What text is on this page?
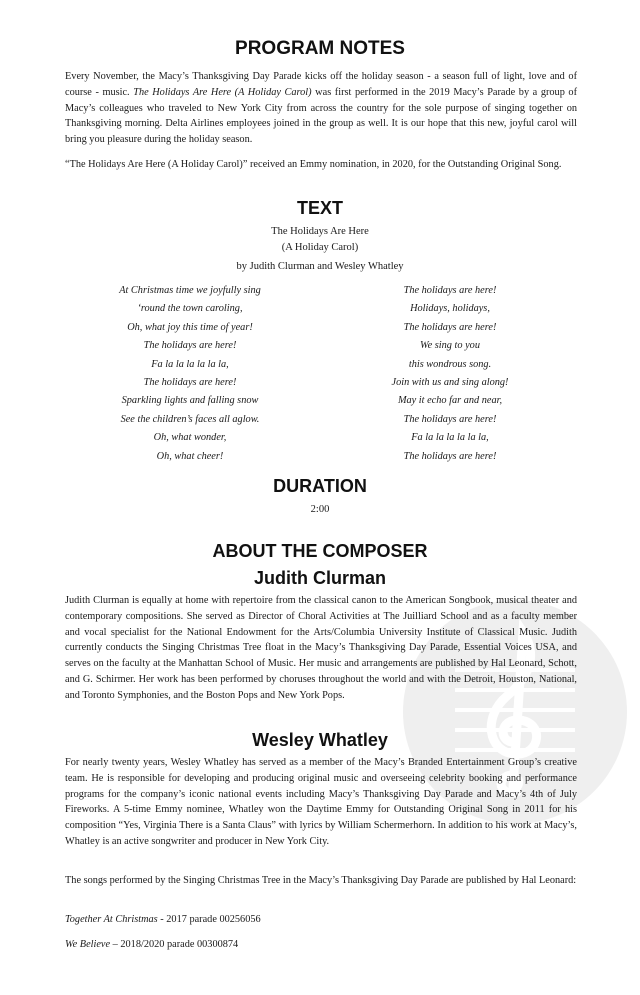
PROGRAM NOTES

Every November, the Macy’s Thanksgiving Day Parade kicks off the holiday season - a season full of light, love and of course - music. The Holidays Are Here (A Holiday Carol) was first performed in the 2019 Macy’s Parade by a group of Macy’s colleagues who traveled to New York City from across the country for the sole purpose of singing together on Thanksgiving morning. Delta Airlines employees joined in the group as well. It is our hope that this new, joyful carol will bring you pleasure during the holiday season.

“The Holidays Are Here (A Holiday Carol)” received an Emmy nomination, in 2020, for the Outstanding Original Song.

TEXT

The Holidays Are Here

(A Holiday Carol)

by Judith Clurman and Wesley Whatley

At Christmas time we joyfully sing
‘round the town caroling,
Oh, what joy this time of year!
The holidays are here!
Fa la la la la la la,
The holidays are here!
Sparkling lights and falling snow
See the children’s faces all aglow.
Oh, what wonder,
Oh, what cheer!
The holidays are here!
Holidays, holidays,
The holidays are here!
We sing to you
this wondrous song.
Join with us and sing along!
May it echo far and near,
The holidays are here!
Fa la la la la la la,
The holidays are here!
DURATION

2:00

ABOUT THE COMPOSER
Judith Clurman

Judith Clurman is equally at home with repertoire from the classical canon to the American Songbook, musical theater and contemporary compositions. She served as Director of Choral Activities at The Juilliard School and as a faculty member and vocal specialist for the National Endowment for the Arts/Columbia University Institute of Classical Music. Judith currently conducts the Singing Christmas Tree float in the Macy’s Thanksgiving Day Parade, Essential Voices USA, and serves on the faculty at the Manhattan School of Music. Her music and arrangements are published by Hal Leonard, Schott, and G. Schirmer. Her work has been performed by choruses throughout the world and with the Detroit, Houston, National, and Toronto Symphonies, and the Boston Pops and New York Pops.

Wesley Whatley

For nearly twenty years, Wesley Whatley has served as a member of the Macy’s Branded Entertainment Group’s creative team. He is responsible for developing and producing original music and overseeing celebrity booking and performance programs for the company’s iconic national events including Macy’s Thanksgiving Day Parade and Macy’s 4th of July Fireworks. A 5-time Emmy nominee, Whatley won the Daytime Emmy for Outstanding Original Song in 2011 for his composition “Yes, Virginia There is a Santa Claus” with lyrics by William Schermerhorn. In addition to his work at Macy’s, Whatley is an active songwriter and producer in New York City.

The songs performed by the Singing Christmas Tree in the Macy’s Thanksgiving Day Parade are published by Hal Leonard:

Together At Christmas - 2017 parade 00256056

We Believe – 2018/2020 parade 00300874
